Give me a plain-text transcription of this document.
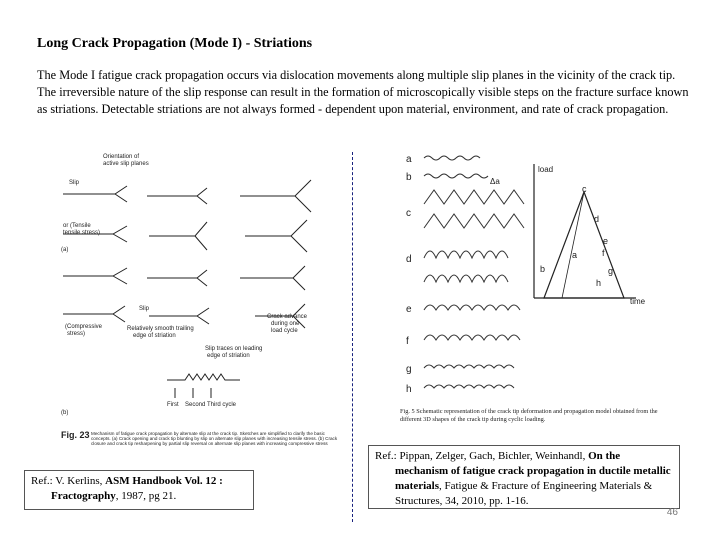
Long Crack Propagation (Mode I) - Striations
The Mode I fatigue crack propagation occurs via dislocation movements along multiple slip planes in the vicinity of the crack tip. The irreversible nature of the slip response can result in the formation of microscopically visible steps on the fracture surface known as striations. Detectable striations are not always formed - dependent upon material, environment, and rate of crack propagation.
Orientation of
active slip planes
Slip
or (Tensile
tensile stress)
(a)
(Compressive
stress)
Relatively smooth trailing
edge of striation
Slip
Crack advance
during one
load cycle
Slip traces on leading
edge of striation
First Second Third cycle
(b)
Fig. 23 Mechanism of fatigue crack propagation by alternate slip at the crack tip. Sketches are simplified to clarify the basic concepts. (a) Crack opening and crack tip blunting by slip on alternate slip planes with increasing tensile stress. (b) Crack closure and crack tip resharpening by partial slip reversal on alternate slip planes with increasing compressive stress
Ref.: V. Kerlins, ASM Handbook Vol. 12 : Fractography, 1987, pg 21.
a
b
c
d
e
f
g
h
Δa
load
time
a
b
c
d
e
f
g
h
Fig. 5 Schematic representation of the crack tip deformation and propagation model obtained from the different 3D shapes of the crack tip during cyclic loading.
Ref.: Pippan, Zelger, Gach, Bichler, Weinhandl, On the mechanism of fatigue crack propagation in ductile metallic materials, Fatigue & Fracture of Engineering Materials & Structures, 34, 2010, pp. 1-16.
46
